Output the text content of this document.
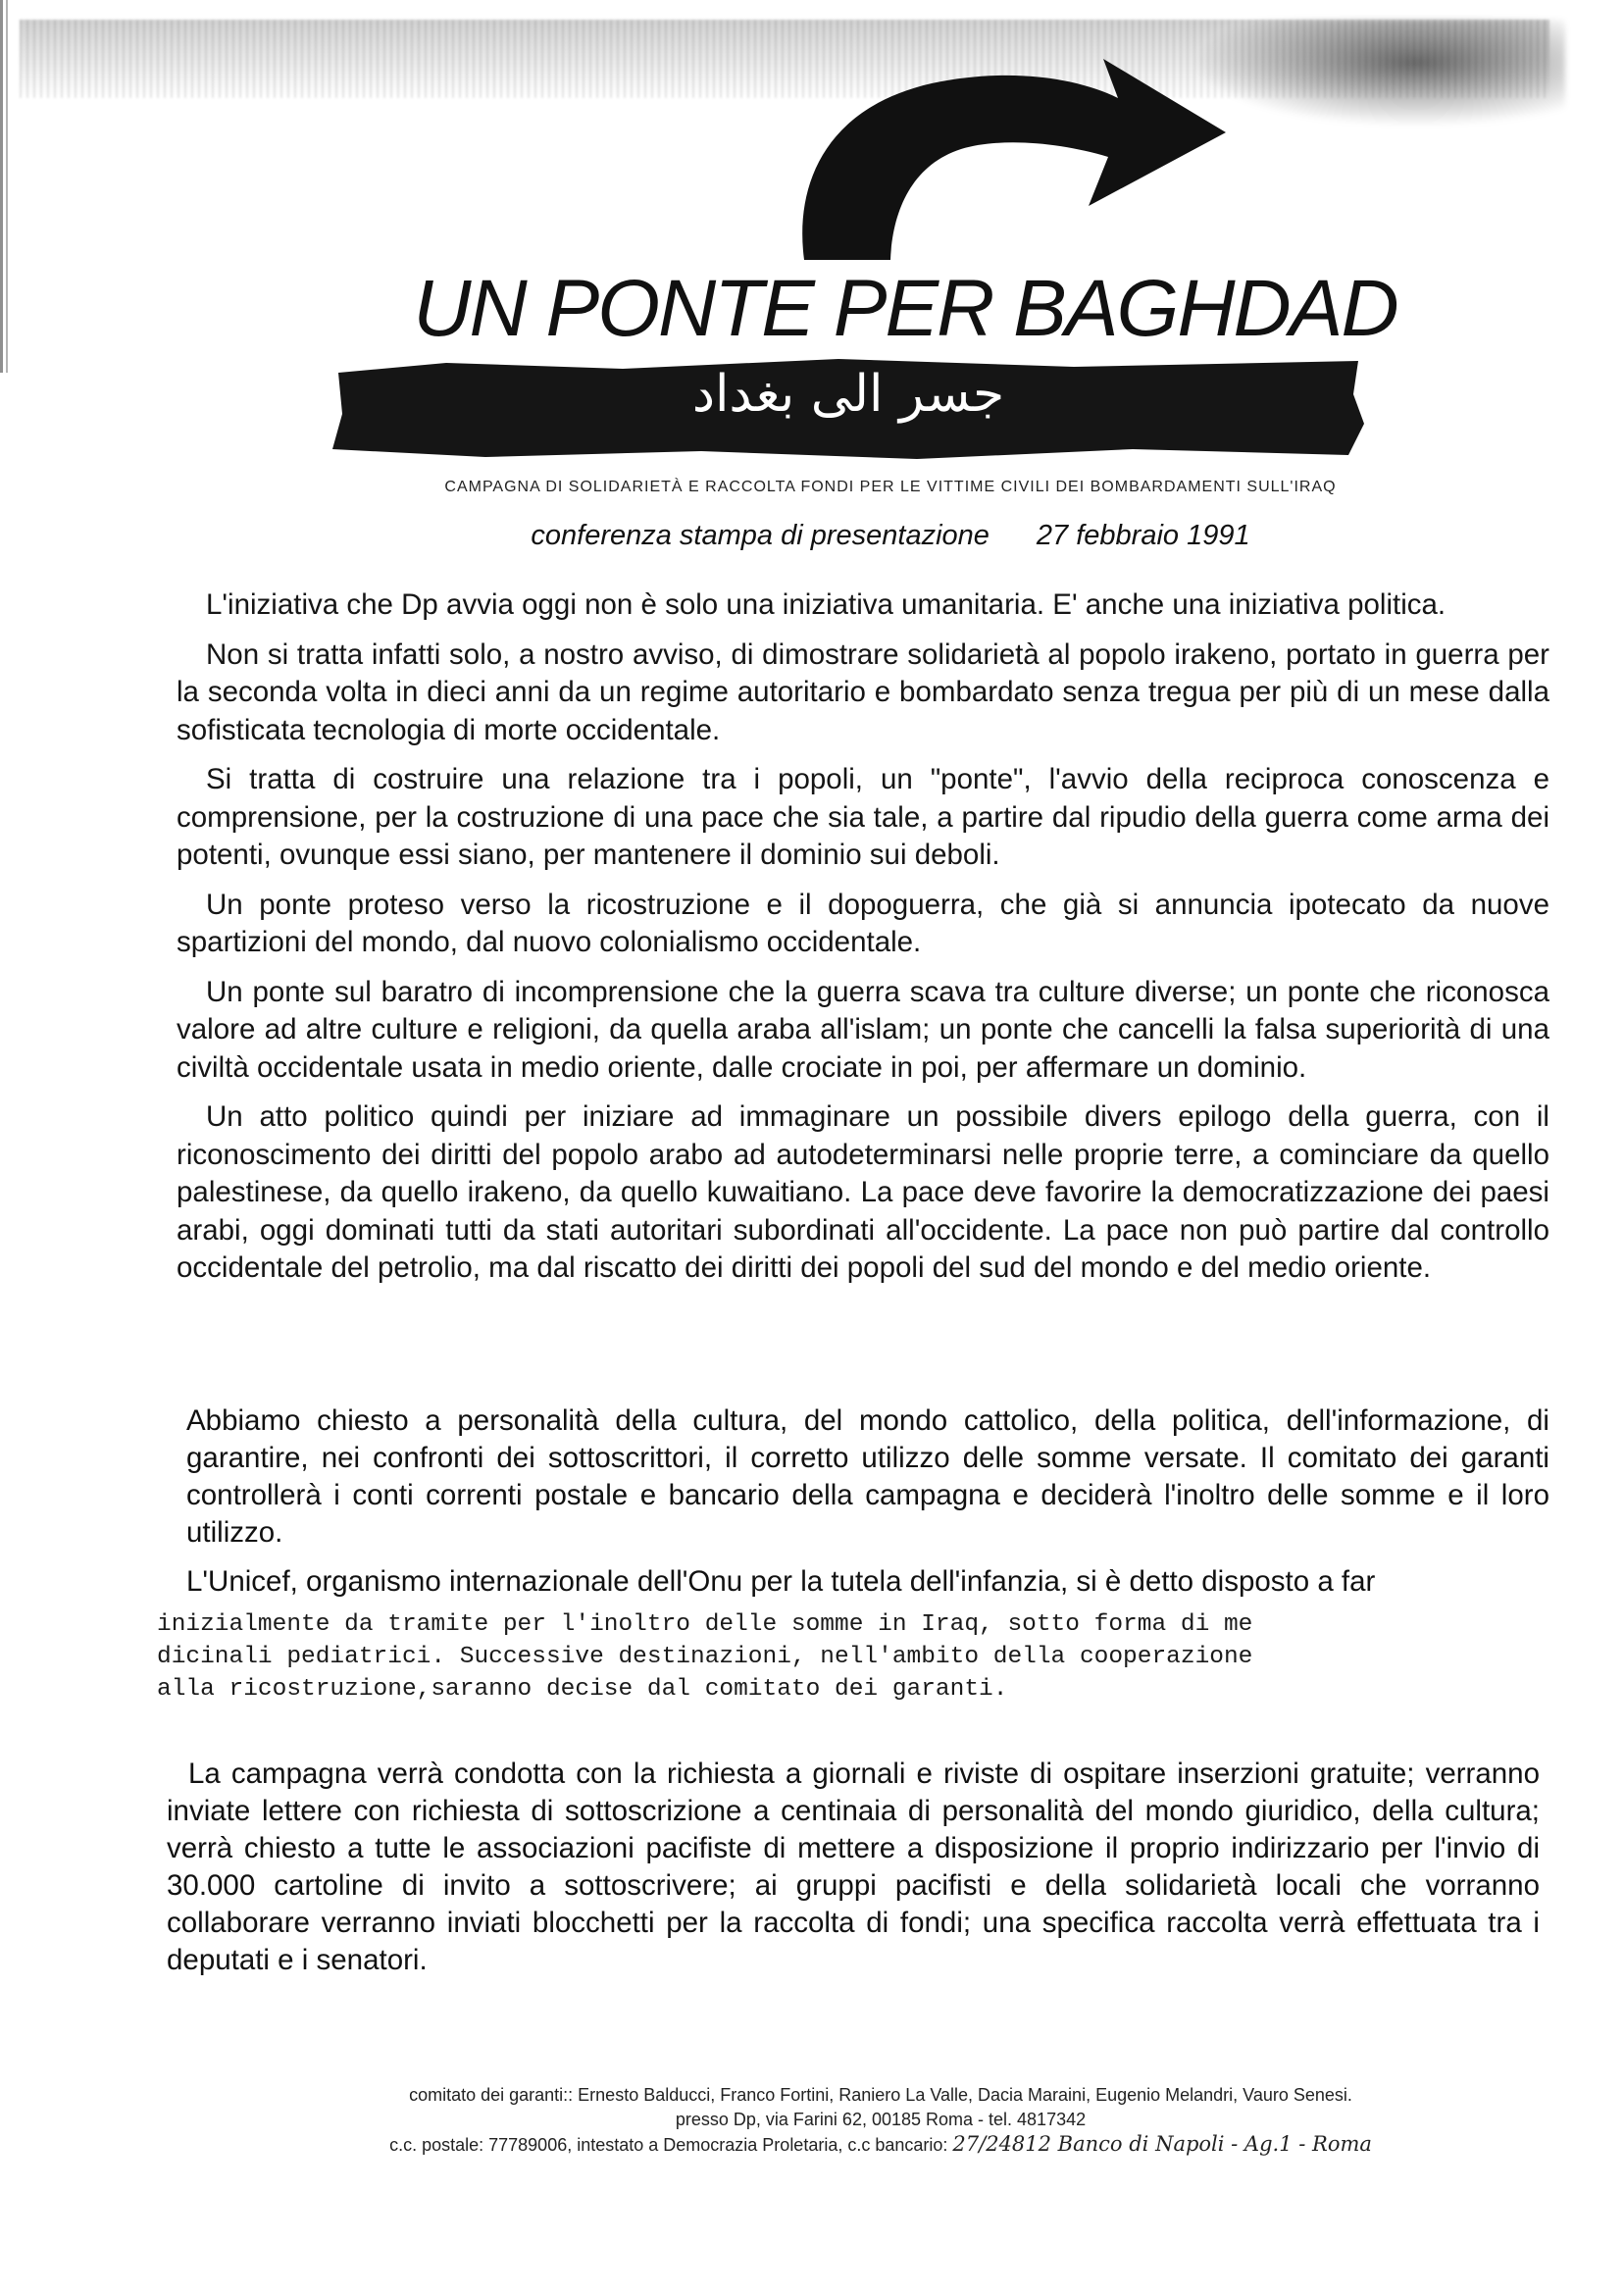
UN PONTE PER BAGHDAD
جسر الى بغداد
CAMPAGNA DI SOLIDARIETÀ E RACCOLTA FONDI PER LE VITTIME CIVILI DEI BOMBARDAMENTI SULL'IRAQ
conferenza stampa di presentazione 27 febbraio 1991

L'iniziativa che Dp avvia oggi non è solo una iniziativa umanitaria. E' anche una iniziativa politica.

Non si tratta infatti solo, a nostro avviso, di dimostrare solidarietà al popolo irakeno, portato in guerra per la seconda volta in dieci anni da un regime autoritario e bombardato senza tregua per più di un mese dalla sofisticata tecnologia di morte occidentale.

Si tratta di costruire una relazione tra i popoli, un "ponte", l'avvio della reciproca conoscenza e comprensione, per la costruzione di una pace che sia tale, a partire dal ripudio della guerra come arma dei potenti, ovunque essi siano, per mantenere il dominio sui deboli.

Un ponte proteso verso la ricostruzione e il dopoguerra, che già si annuncia ipotecato da nuove spartizioni del mondo, dal nuovo colonialismo occidentale.

Un ponte sul baratro di incomprensione che la guerra scava tra culture diverse; un ponte che riconosca valore ad altre culture e religioni, da quella araba all'islam; un ponte che cancelli la falsa superiorità di una civiltà occidentale usata in medio oriente, dalle crociate in poi, per affermare un dominio.

Un atto politico quindi per iniziare ad immaginare un possibile divers epilogo della guerra, con il riconoscimento dei diritti del popolo arabo ad autodeterminarsi nelle proprie terre, a cominciare da quello palestinese, da quello irakeno, da quello kuwaitiano. La pace deve favorire la democratizzazione dei paesi arabi, oggi dominati tutti da stati autoritari subordinati all'occidente. La pace non può partire dal controllo occidentale del petrolio, ma dal riscatto dei diritti dei popoli del sud del mondo e del medio oriente.

Abbiamo chiesto a personalità della cultura, del mondo cattolico, della politica, dell'informazione, di garantire, nei confronti dei sottoscrittori, il corretto utilizzo delle somme versate. Il comitato dei garanti controllerà i conti correnti postale e bancario della campagna e deciderà l'inoltro delle somme e il loro utilizzo.

L'Unicef, organismo internazionale dell'Onu per la tutela dell'infanzia, si è detto disposto a far

inizialmente da tramite per l'inoltro delle somme in Iraq, sotto forma di me

dicinali pediatrici. Successive destinazioni, nell'ambito della cooperazione

alla ricostruzione,saranno decise dal comitato dei garanti.

La campagna verrà condotta con la richiesta a giornali e riviste di ospitare inserzioni gratuite; verranno inviate lettere con richiesta di sottoscrizione a centinaia di personalità del mondo giuridico, della cultura; verrà chiesto a tutte le associazioni pacifiste di mettere a disposizione il proprio indirizzario per l'invio di 30.000 cartoline di invito a sottoscrivere; ai gruppi pacifisti e della solidarietà locali che vorranno collaborare verranno inviati blocchetti per la raccolta di fondi; una specifica raccolta verrà effettuata tra i deputati e i senatori.

comitato dei garanti:: Ernesto Balducci, Franco Fortini, Raniero La Valle, Dacia Maraini, Eugenio Melandri, Vauro Senesi.
presso Dp, via Farini 62, 00185 Roma - tel. 4817342
c.c. postale: 77789006, intestato a Democrazia Proletaria, c.c bancario: 27/24812 Banco di Napoli - Ag.1 - Roma
